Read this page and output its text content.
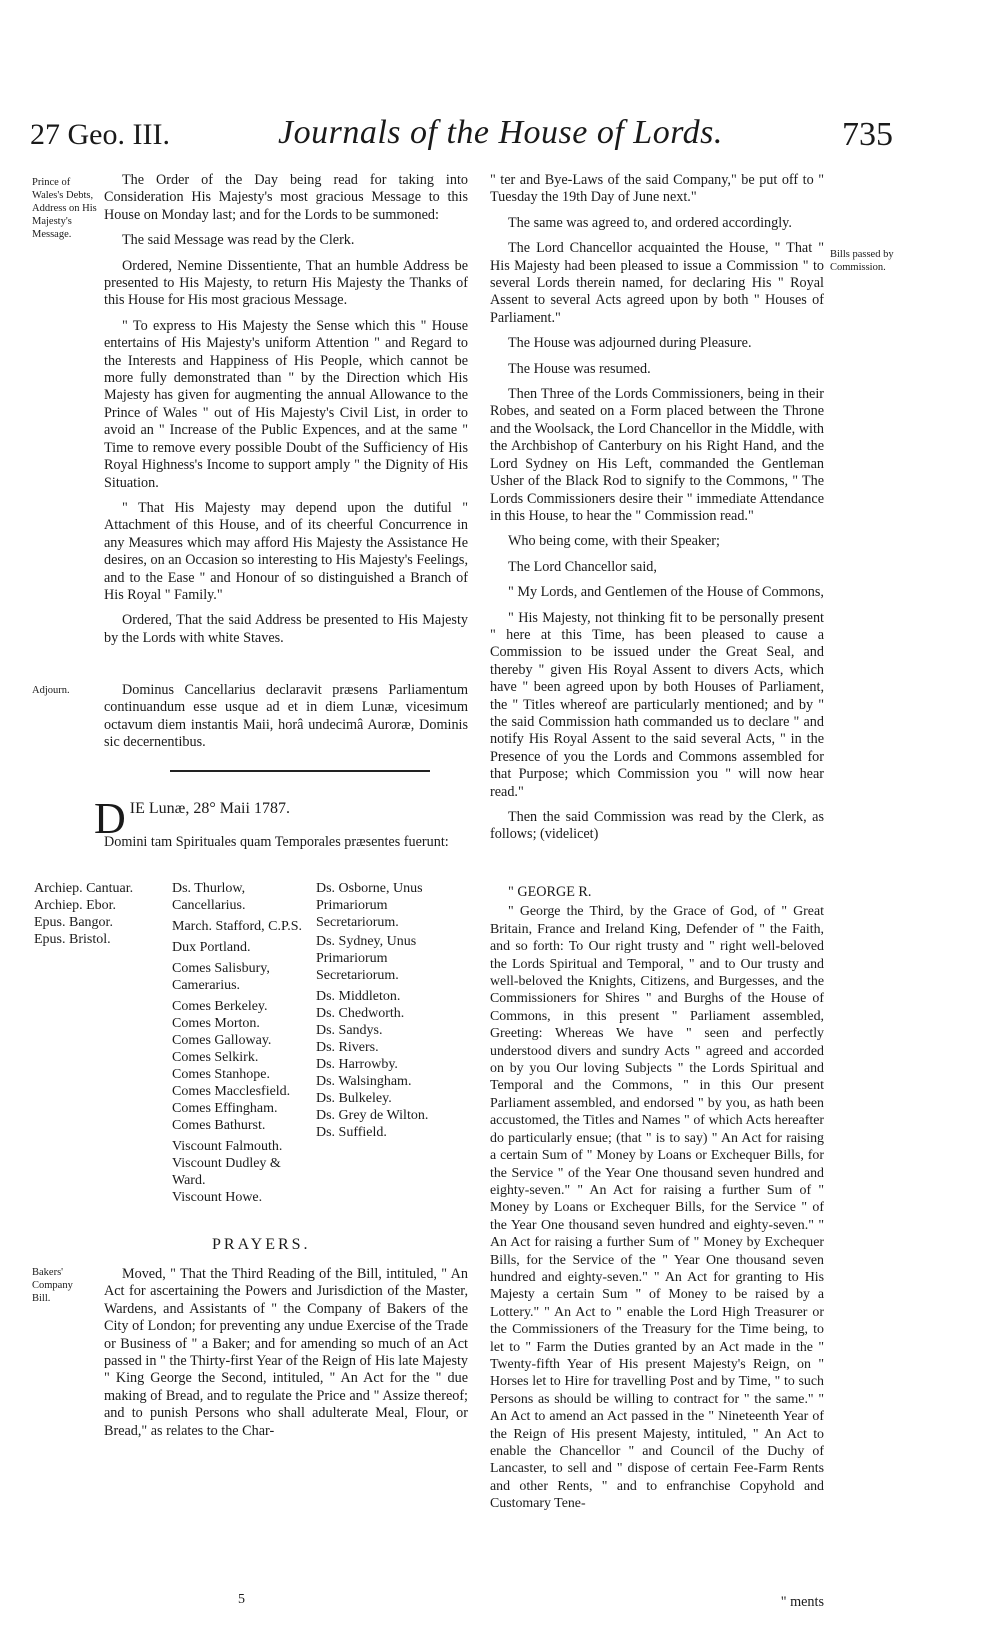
27 Geo. III.	Journals of the House of Lords.	735
Prince of Wales's Debts, Address on His Majesty's Message.
Adjourn.
Bakers' Company Bill.
Bills passed by Commission.

The Order of the Day being read for taking into Consideration His Majesty's most gracious Message to this House on Monday last; and for the Lords to be summoned:

The said Message was read by the Clerk.

Ordered, Nemine Dissentiente, That an humble Address be presented to His Majesty, to return His Majesty the Thanks of this House for His most gracious Message.

" To express to His Majesty the Sense which this " House entertains of His Majesty's uniform Attention " and Regard to the Interests and Happiness of His People, which cannot be more fully demonstrated than " by the Direction which His Majesty has given for augmenting the annual Allowance to the Prince of Wales " out of His Majesty's Civil List, in order to avoid an " Increase of the Public Expences, and at the same " Time to remove every possible Doubt of the Sufficiency of His Royal Highness's Income to support amply " the Dignity of His Situation.

" That His Majesty may depend upon the dutiful " Attachment of this House, and of its cheerful Concurrence in any Measures which may afford His Majesty the Assistance He desires, on an Occasion so interesting to His Majesty's Feelings, and to the Ease " and Honour of so distinguished a Branch of His Royal " Family."

Ordered, That the said Address be presented to His Majesty by the Lords with white Staves.

Dominus Cancellarius declaravit præsens Parliamentum continuandum esse usque ad et in diem Lunæ, vicesimum octavum diem instantis Maii, horâ undecimâ Auroræ, Dominis sic decernentibus.

D IE Lunæ, 28° Maii 1787.

Domini tam Spirituales quam Temporales præsentes fuerunt:

Archiep. Cantuar.
Archiep. Ebor.
Epus. Bangor.
Epus. Bristol.
Ds. Thurlow, Cancellarius.
March. Stafford, C.P.S.
Dux Portland.
Comes Salisbury, Camerarius.
Comes Berkeley.
Comes Morton.
Comes Galloway.
Comes Selkirk.
Comes Stanhope.
Comes Macclesfield.
Comes Effingham.
Comes Bathurst.
Viscount Falmouth.
Viscount Dudley & Ward.
Viscount Howe.
Ds. Osborne, Unus Primariorum Secretariorum.
Ds. Sydney, Unus Primariorum Secretariorum.
Ds. Middleton.
Ds. Chedworth.
Ds. Sandys.
Ds. Rivers.
Ds. Harrowby.
Ds. Walsingham.
Ds. Bulkeley.
Ds. Grey de Wilton.
Ds. Suffield.
PRAYERS.

Moved, " That the Third Reading of the Bill, intituled, " An Act for ascertaining the Powers and Jurisdiction of the Master, Wardens, and Assistants of " the Company of Bakers of the City of London; for preventing any undue Exercise of the Trade or Business of " a Baker; and for amending so much of an Act passed in " the Thirty-first Year of the Reign of His late Majesty " King George the Second, intituled, " An Act for the " due making of Bread, and to regulate the Price and " Assize thereof; and to punish Persons who shall adulterate Meal, Flour, or Bread," as relates to the Char-

5

" ter and Bye-Laws of the said Company," be put off to " Tuesday the 19th Day of June next."

The same was agreed to, and ordered accordingly.

The Lord Chancellor acquainted the House, " That " His Majesty had been pleased to issue a Commission " to several Lords therein named, for declaring His " Royal Assent to several Acts agreed upon by both " Houses of Parliament."

The House was adjourned during Pleasure.

The House was resumed.

Then Three of the Lords Commissioners, being in their Robes, and seated on a Form placed between the Throne and the Woolsack, the Lord Chancellor in the Middle, with the Archbishop of Canterbury on his Right Hand, and the Lord Sydney on His Left, commanded the Gentleman Usher of the Black Rod to signify to the Commons, " The Lords Commissioners desire their " immediate Attendance in this House, to hear the " Commission read."

Who being come, with their Speaker;

The Lord Chancellor said,

" My Lords, and Gentlemen of the House of Commons,

" His Majesty, not thinking fit to be personally present " here at this Time, has been pleased to cause a Commission to be issued under the Great Seal, and thereby " given His Royal Assent to divers Acts, which have " been agreed upon by both Houses of Parliament, the " Titles whereof are particularly mentioned; and by " the said Commission hath commanded us to declare " and notify His Royal Assent to the said several Acts, " in the Presence of you the Lords and Commons assembled for that Purpose; which Commission you " will now hear read."

Then the said Commission was read by the Clerk, as follows; (videlicet)

" GEORGE R.

" George the Third, by the Grace of God, of " Great Britain, France and Ireland King, Defender of " the Faith, and so forth: To Our right trusty and " right well-beloved the Lords Spiritual and Temporal, " and to Our trusty and well-beloved the Knights, Citizens, and Burgesses, and the Commissioners for Shires " and Burghs of the House of Commons, in this present " Parliament assembled, Greeting: Whereas We have " seen and perfectly understood divers and sundry Acts " agreed and accorded on by you Our loving Subjects " the Lords Spiritual and Temporal and the Commons, " in this Our present Parliament assembled, and endorsed " by you, as hath been accustomed, the Titles and Names " of which Acts hereafter do particularly ensue; (that " is to say) " An Act for raising a certain Sum of " Money by Loans or Exchequer Bills, for the Service " of the Year One thousand seven hundred and eighty-seven." " An Act for raising a further Sum of " Money by Loans or Exchequer Bills, for the Service " of the Year One thousand seven hundred and eighty-seven." " An Act for raising a further Sum of " Money by Exchequer Bills, for the Service of the " Year One thousand seven hundred and eighty-seven." " An Act for granting to His Majesty a certain Sum " of Money to be raised by a Lottery." " An Act to " enable the Lord High Treasurer or the Commissioners of the Treasury for the Time being, to let to " Farm the Duties granted by an Act made in the " Twenty-fifth Year of His present Majesty's Reign, on " Horses let to Hire for travelling Post and by Time, " to such Persons as should be willing to contract for " the same." " An Act to amend an Act passed in the " Nineteenth Year of the Reign of His present Majesty, intituled, " An Act to enable the Chancellor " and Council of the Duchy of Lancaster, to sell and " dispose of certain Fee-Farm Rents and other Rents, " and to enfranchise Copyhold and Customary Tene-

" ments
